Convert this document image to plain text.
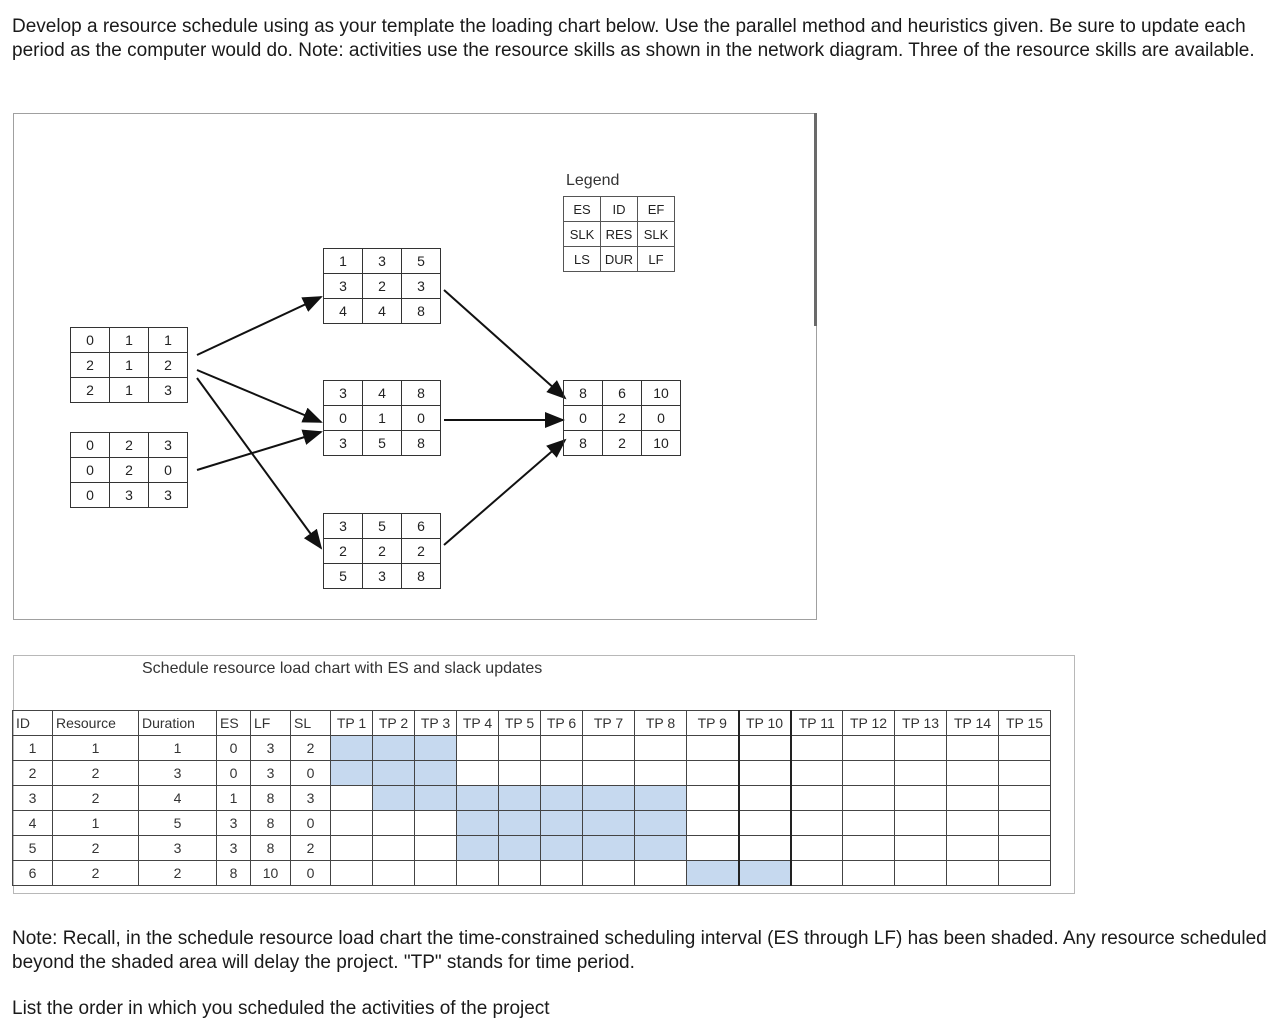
Develop a resource schedule using as your template the loading chart below. Use the parallel method and heuristics given. Be sure to update each period as the computer would do. Note: activities use the resource skills as shown in the network diagram. Three of the resource skills are available.

Legend
ES	ID	EF
SLK	RES	SLK
LS	DUR	LF
0	1	1
2	1	2
2	1	3
0	2	3
0	2	0
0	3	3
1	3	5
3	2	3
4	4	8
3	4	8
0	1	0
3	5	8
3	5	6
2	2	2
5	3	8
8	6	10
0	2	0
8	2	10
Schedule resource load chart with ES and slack updates
ID	Resource	Duration	ES	LF	SL	TP 1	TP 2	TP 3	TP 4	TP 5	TP 6	TP 7	TP 8	TP 9	TP 10	TP 11	TP 12	TP 13	TP 14	TP 15
1	1	1	0	3	2															
2	2	3	0	3	0															
3	2	4	1	8	3															
4	1	5	3	8	0															
5	2	3	3	8	2															
6	2	2	8	10	0															

Note: Recall, in the schedule resource load chart the time-constrained scheduling interval (ES through LF) has been shaded. Any resource scheduled beyond the shaded area will delay the project. "TP" stands for time period.

List the order in which you scheduled the activities of the project
